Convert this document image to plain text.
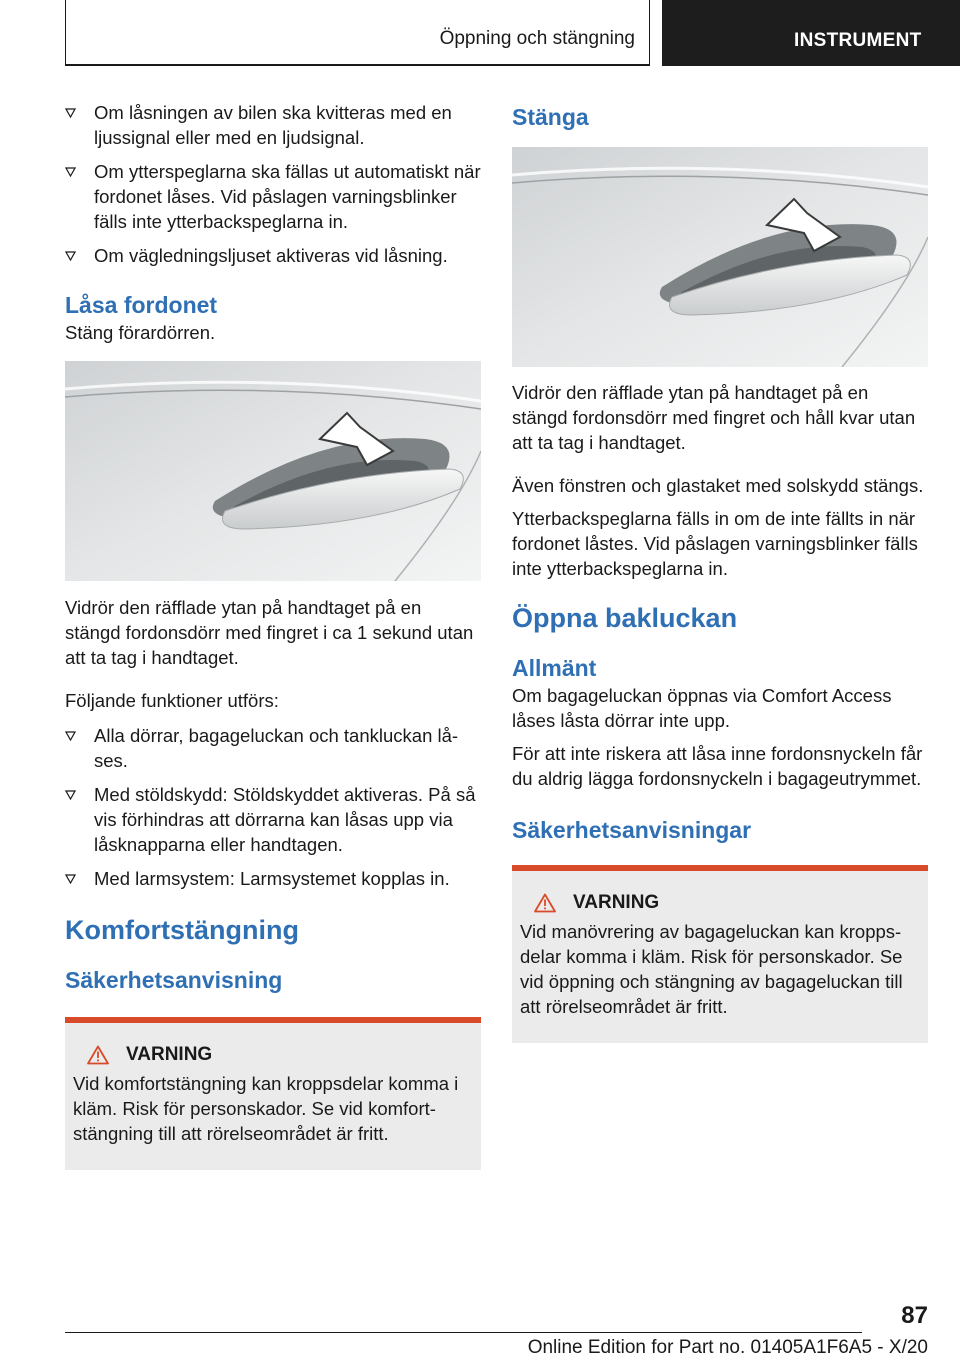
Öppning och stängning	INSTRUMENT
Om låsningen av bilen ska kvitteras med en ljussignal eller med en ljudsignal.
Om ytterspeglarna ska fällas ut automatiskt när fordonet låses. Vid påslagen varningsblinker fälls inte ytterbackspeglarna in.
Om vägledningsljuset aktiveras vid låsning.
Låsa fordonet

Stäng förardörren.

Vidrör den räfflade ytan på handtaget på en stängd fordonsdörr med fingret i ca 1 sekund utan att ta tag i handtaget.

Följande funktioner utförs:

Alla dörrar, bagageluckan och tankluckan låses.
Med stöldskydd: Stöldskyddet aktiveras. På så vis förhindras att dörrarna kan låsas upp via låsknapparna eller handtagen.
Med larmsystem: Larmsystemet kopplas in.
Komfortstängning
Säkerhetsanvisning
VARNING

Vid komfortstängning kan kroppsdelar komma i kläm. Risk för personskador. Se vid komfortstängning till att rörelseområdet är fritt.

Stänga

Vidrör den räfflade ytan på handtaget på en stängd fordonsdörr med fingret och håll kvar utan att ta tag i handtaget.

Även fönstren och glastaket med solskydd stängs.

Ytterbackspeglarna fälls in om de inte fällts in när fordonet låstes. Vid påslagen varningsblinker fälls inte ytterbackspeglarna in.

Öppna bakluckan
Allmänt

Om bagageluckan öppnas via Comfort Access låses låsta dörrar inte upp.

För att inte riskera att låsa inne fordonsnyckeln får du aldrig lägga fordonsnyckeln i bagageutrymmet.

Säkerhetsanvisningar
VARNING

Vid manövrering av bagageluckan kan kroppsdelar komma i kläm. Risk för personskador. Se vid öppning och stängning av bagageluckan till att rörelseområdet är fritt.

87
Online Edition for Part no. 01405A1F6A5 - X/20
